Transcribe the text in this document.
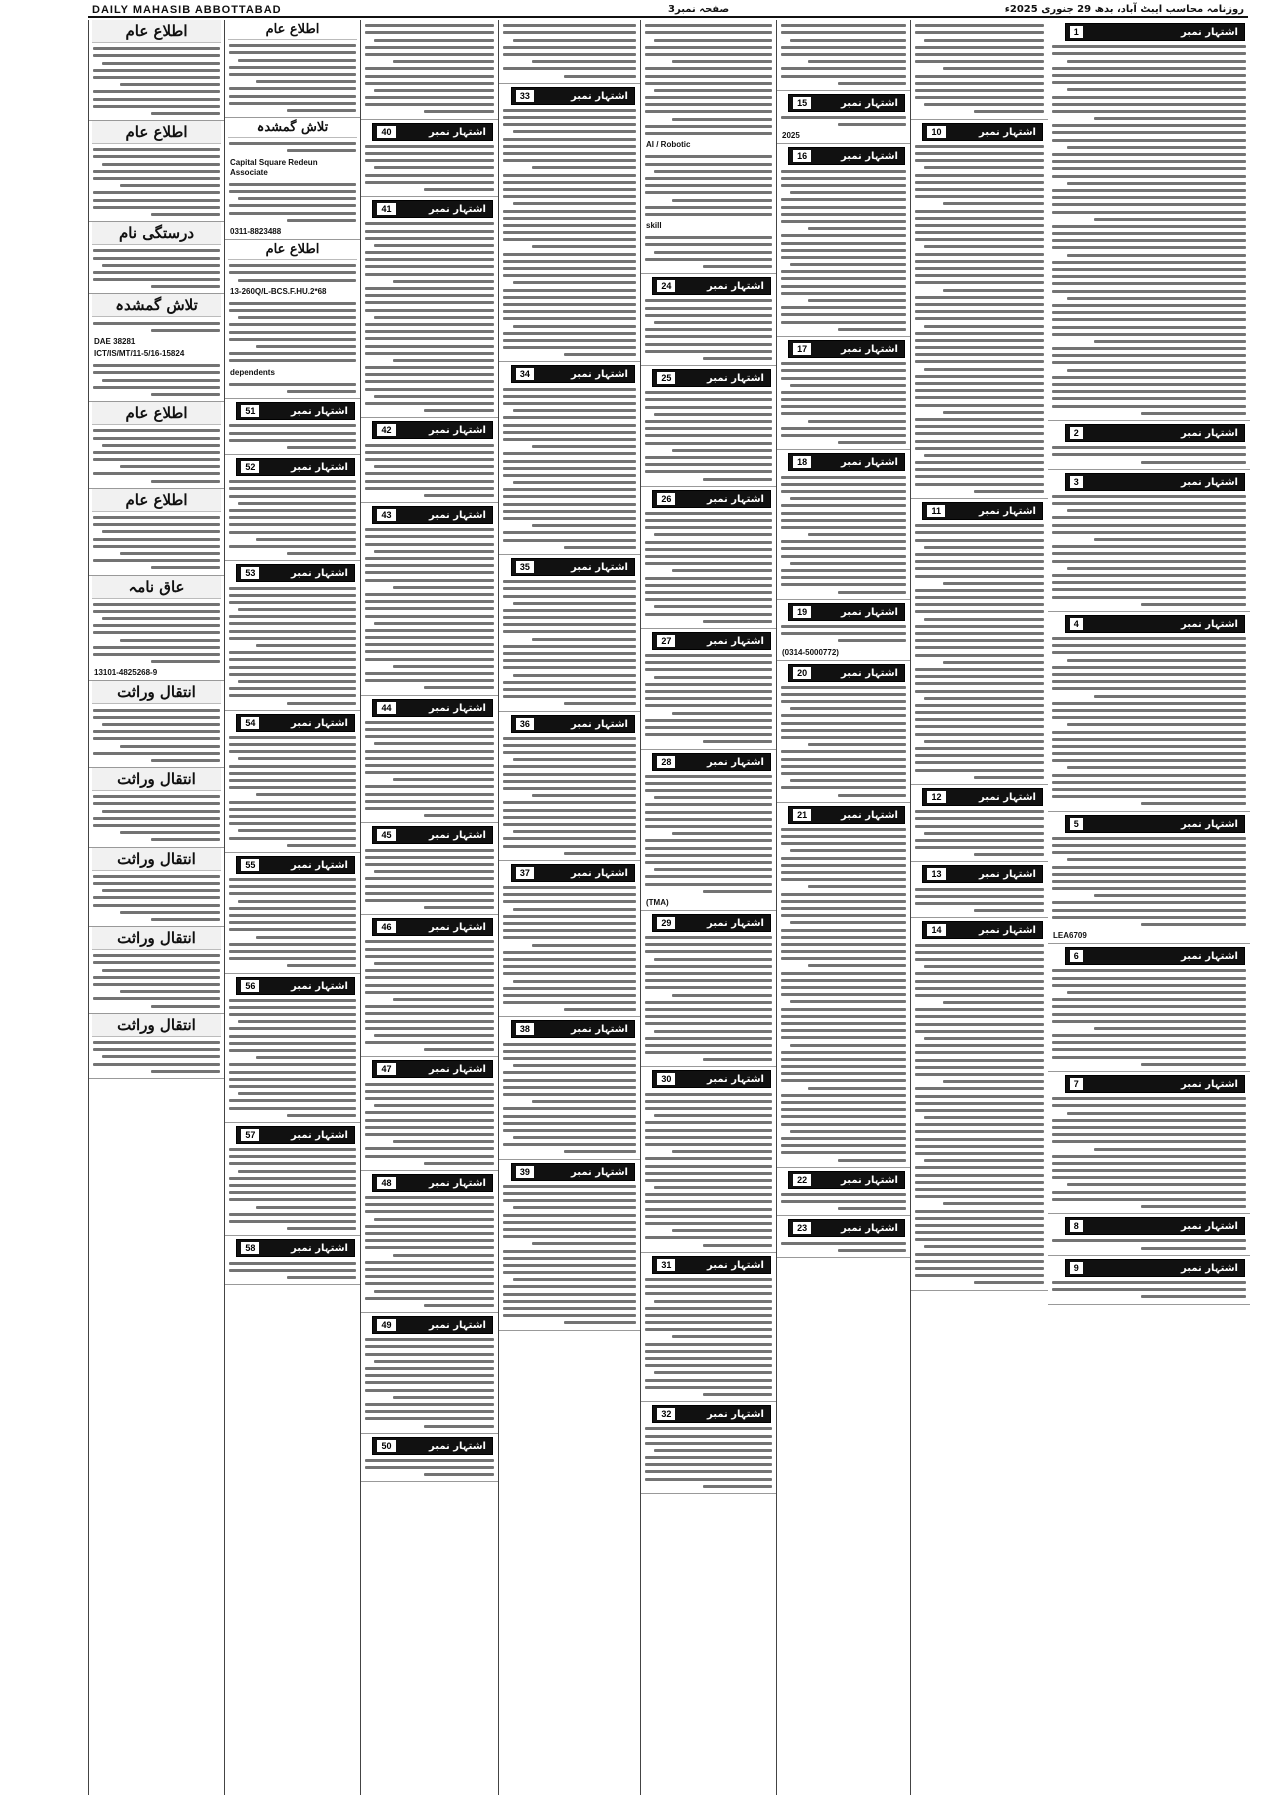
DAILY MAHASIB ABBOTTABAD	صفحہ نمبر3	روزنامہ محاسب ایبٹ آباد، بدھ 29 جنوری 2025ء
اشتہار نمبر
1
اشتہار نمبر
2
اشتہار نمبر
3
اشتہار نمبر
4
اشتہار نمبر
5
LEA6709
اشتہار نمبر
6
اشتہار نمبر
7
اشتہار نمبر
8
اشتہار نمبر
9
اشتہار نمبر
10
اشتہار نمبر
11
اشتہار نمبر
12
اشتہار نمبر
13
اشتہار نمبر
14
اشتہار نمبر
15
2025
اشتہار نمبر
16
اشتہار نمبر
17
اشتہار نمبر
18
اشتہار نمبر
19
(0314-5000772)
اشتہار نمبر
20
اشتہار نمبر
21
اشتہار نمبر
22
اشتہار نمبر
23
AI / Robotic
skill
اشتہار نمبر
24
اشتہار نمبر
25
اشتہار نمبر
26
اشتہار نمبر
27
اشتہار نمبر
28
(TMA)
اشتہار نمبر
29
اشتہار نمبر
30
اشتہار نمبر
31
اشتہار نمبر
32
اشتہار نمبر
33
اشتہار نمبر
34
اشتہار نمبر
35
اشتہار نمبر
36
اشتہار نمبر
37
اشتہار نمبر
38
اشتہار نمبر
39
اشتہار نمبر
40
اشتہار نمبر
41
اشتہار نمبر
42
اشتہار نمبر
43
اشتہار نمبر
44
اشتہار نمبر
45
اشتہار نمبر
46
اشتہار نمبر
47
اشتہار نمبر
48
اشتہار نمبر
49
اشتہار نمبر
50
اطلاع عام
تلاش گمشدہ
Capital Square Redeun Associate
0311-8823488
اطلاع عام
13-260Q/L-BCS.F.HU.2*68
dependents
اشتہار نمبر
51
اشتہار نمبر
52
اشتہار نمبر
53
اشتہار نمبر
54
اشتہار نمبر
55
اشتہار نمبر
56
اشتہار نمبر
57
اشتہار نمبر
58
اطلاع عام
اطلاع عام
درستگی نام
تلاش گمشدہ
DAE 38281
ICT/IS/MT/11-5/16-15824
اطلاع عام
اطلاع عام
عاق نامہ
13101-4825268-9
انتقال وراثت
انتقال وراثت
انتقال وراثت
انتقال وراثت
انتقال وراثت
